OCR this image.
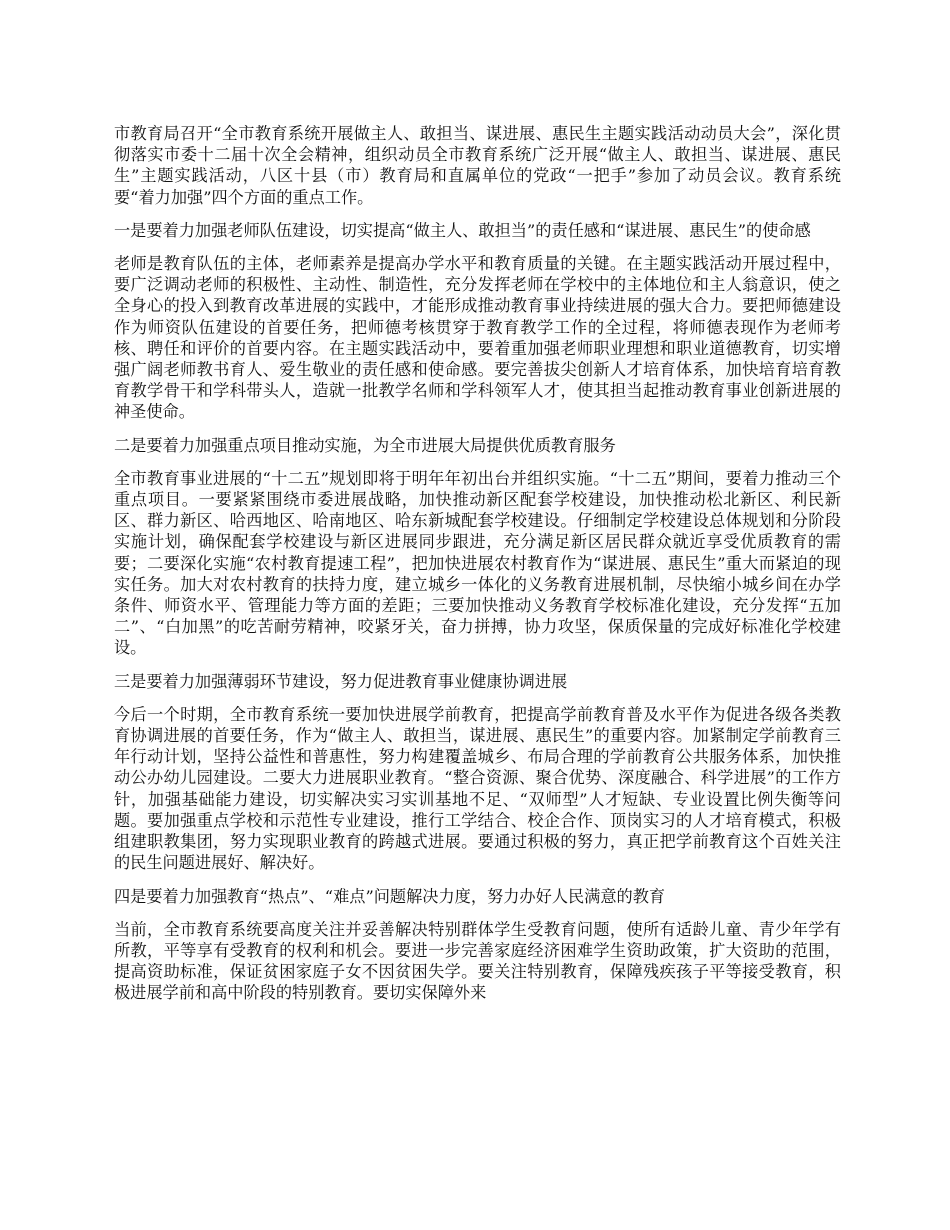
市教育局召开“全市教育系统开展做主人、敢担当、谋进展、惠民生主题实践活动动员大会”，深化贯彻落实市委十二届十次全会精神，组织动员全市教育系统广泛开展“做主人、敢担当、谋进展、惠民生”主题实践活动，八区十县（市）教育局和直属单位的党政“一把手”参加了动员会议。教育系统要“着力加强”四个方面的重点工作。

一是要着力加强老师队伍建设，切实提高“做主人、敢担当”的责任感和“谋进展、惠民生”的使命感

老师是教育队伍的主体，老师素养是提高办学水平和教育质量的关键。在主题实践活动开展过程中，要广泛调动老师的积极性、主动性、制造性，充分发挥老师在学校中的主体地位和主人翁意识，使之全身心的投入到教育改革进展的实践中，才能形成推动教育事业持续进展的强大合力。要把师德建设作为师资队伍建设的首要任务，把师德考核贯穿于教育教学工作的全过程，将师德表现作为老师考核、聘任和评价的首要内容。在主题实践活动中，要着重加强老师职业理想和职业道德教育，切实增强广阔老师教书育人、爱生敬业的责任感和使命感。要完善拔尖创新人才培育体系，加快培育培育教育教学骨干和学科带头人，造就一批教学名师和学科领军人才，使其担当起推动教育事业创新进展的神圣使命。

二是要着力加强重点项目推动实施，为全市进展大局提供优质教育服务

全市教育事业进展的“十二五”规划即将于明年年初出台并组织实施。“十二五”期间，要着力推动三个重点项目。一要紧紧围绕市委进展战略，加快推动新区配套学校建设，加快推动松北新区、利民新区、群力新区、哈西地区、哈南地区、哈东新城配套学校建设。仔细制定学校建设总体规划和分阶段实施计划，确保配套学校建设与新区进展同步跟进，充分满足新区居民群众就近享受优质教育的需要；二要深化实施“农村教育提速工程”，把加快进展农村教育作为“谋进展、惠民生”重大而紧迫的现实任务。加大对农村教育的扶持力度，建立城乡一体化的义务教育进展机制，尽快缩小城乡间在办学条件、师资水平、管理能力等方面的差距；三要加快推动义务教育学校标准化建设，充分发挥“五加二”、“白加黑”的吃苦耐劳精神，咬紧牙关，奋力拼搏，协力攻坚，保质保量的完成好标准化学校建设。

三是要着力加强薄弱环节建设，努力促进教育事业健康协调进展

今后一个时期，全市教育系统一要加快进展学前教育，把提高学前教育普及水平作为促进各级各类教育协调进展的首要任务，作为“做主人、敢担当，谋进展、惠民生”的重要内容。加紧制定学前教育三年行动计划，坚持公益性和普惠性，努力构建覆盖城乡、布局合理的学前教育公共服务体系，加快推动公办幼儿园建设。二要大力进展职业教育。“整合资源、聚合优势、深度融合、科学进展”的工作方针，加强基础能力建设，切实解决实习实训基地不足、“双师型”人才短缺、专业设置比例失衡等问题。要加强重点学校和示范性专业建设，推行工学结合、校企合作、顶岗实习的人才培育模式，积极组建职教集团，努力实现职业教育的跨越式进展。要通过积极的努力，真正把学前教育这个百姓关注的民生问题进展好、解决好。

四是要着力加强教育“热点”、“难点”问题解决力度，努力办好人民满意的教育

当前，全市教育系统要高度关注并妥善解决特别群体学生受教育问题，使所有适龄儿童、青少年学有所教，平等享有受教育的权利和机会。要进一步完善家庭经济困难学生资助政策，扩大资助的范围，提高资助标准，保证贫困家庭子女不因贫困失学。要关注特别教育，保障残疾孩子平等接受教育，积极进展学前和高中阶段的特别教育。要切实保障外来
